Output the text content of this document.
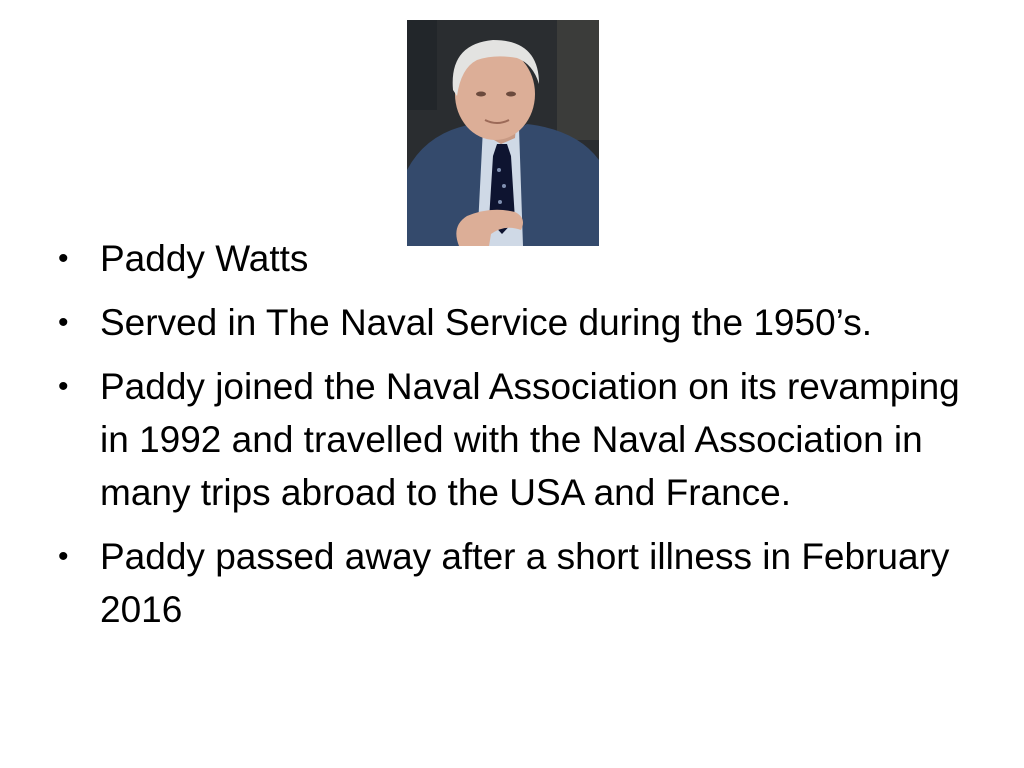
• Paddy Watts
• Served in The Naval Service during the 1950’s.
• Paddy joined the Naval Association on its revamping in 1992 and travelled with the Naval Association in many trips abroad to the USA and France.
• Paddy passed away after a short illness in February 2016
